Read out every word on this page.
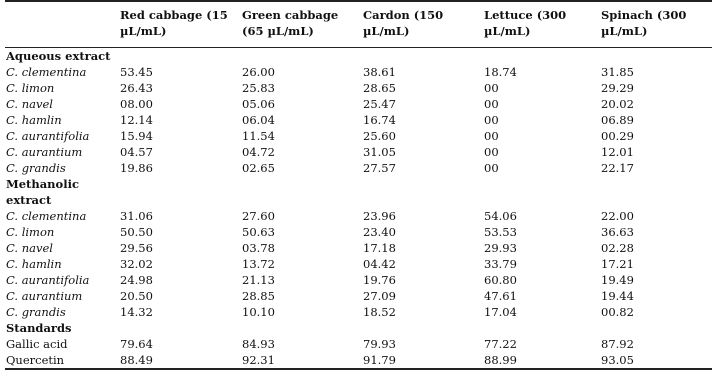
	Red cabbage (15 µL/mL)	Green cabbage (65 µL/mL)	Cardon (150 µL/mL)	Lettuce (300 µL/mL)	Spinach (300 µL/mL)
Aqueous extract					
C. clementina	53.45	26.00	38.61	18.74	31.85
C. limon	26.43	25.83	28.65	00	29.29
C. navel	08.00	05.06	25.47	00	20.02
C. hamlin	12.14	06.04	16.74	00	06.89
C. aurantifolia	15.94	11.54	25.60	00	00.29
C. aurantium	04.57	04.72	31.05	00	12.01
C. grandis	19.86	02.65	27.57	00	22.17
Methanolic extract					
C. clementina	31.06	27.60	23.96	54.06	22.00
C. limon	50.50	50.63	23.40	53.53	36.63
C. navel	29.56	03.78	17.18	29.93	02.28
C. hamlin	32.02	13.72	04.42	33.79	17.21
C. aurantifolia	24.98	21.13	19.76	60.80	19.49
C. aurantium	20.50	28.85	27.09	47.61	19.44
C. grandis	14.32	10.10	18.52	17.04	00.82
Standards					
Gallic acid	79.64	84.93	79.93	77.22	87.92
Quercetin	88.49	92.31	91.79	88.99	93.05
